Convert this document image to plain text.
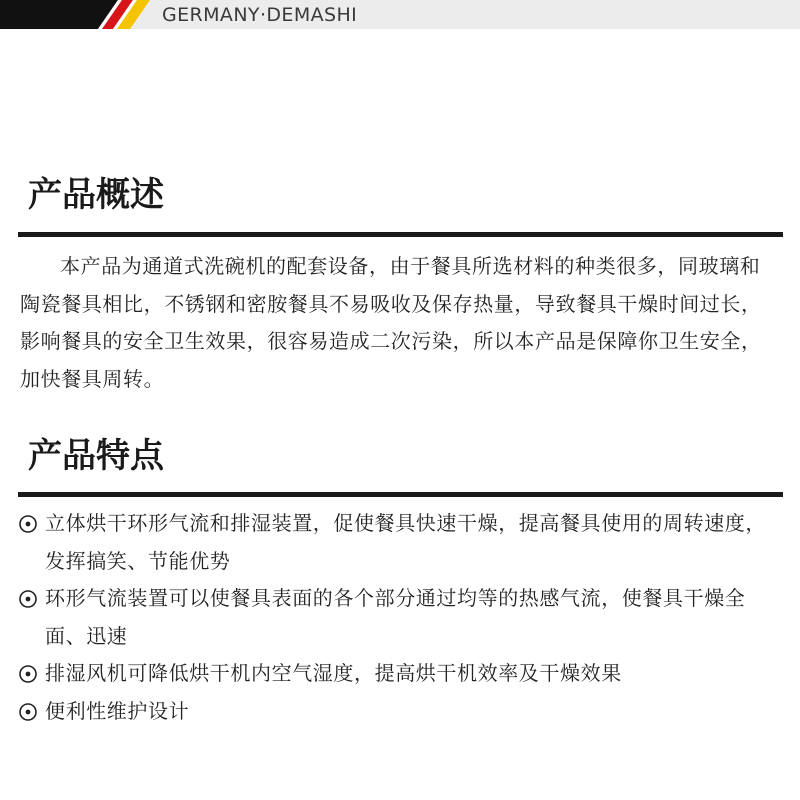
GERMANY·DEMASHI
产品概述

本产品为通道式洗碗机的配套设备，由于餐具所选材料的种类很多，同玻璃和陶瓷餐具相比，不锈钢和密胺餐具不易吸收及保存热量，导致餐具干燥时间过长，影响餐具的安全卫生效果，很容易造成二次污染，所以本产品是保障你卫生安全，加快餐具周转。

产品特点
立体烘干环形气流和排湿装置，促使餐具快速干燥，提高餐具使用的周转速度，发挥搞笑、节能优势
环形气流装置可以使餐具表面的各个部分通过均等的热感气流，使餐具干燥全面、迅速
排湿风机可降低烘干机内空气湿度，提高烘干机效率及干燥效果
便利性维护设计
